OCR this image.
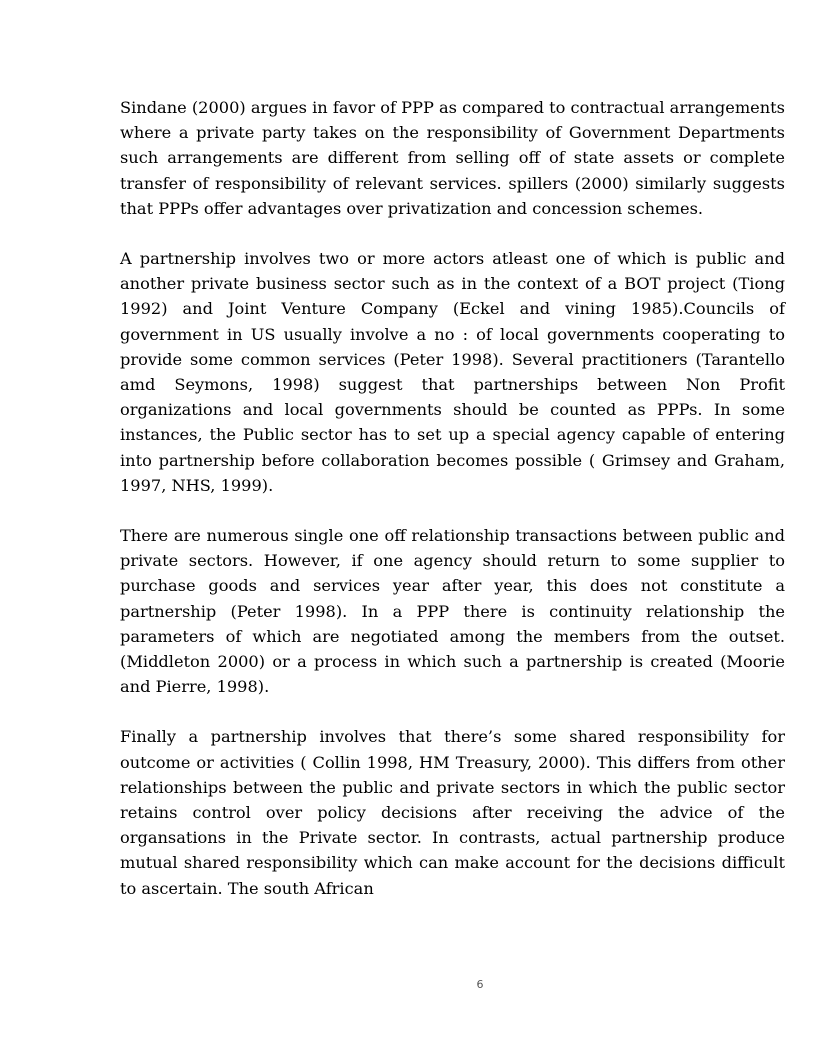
Sindane (2000) argues in favor of PPP as compared to contractual arrangements where a private party takes on the responsibility of Government Departments such arrangements are different from selling off of state assets or complete transfer of responsibility of relevant services. spillers (2000) similarly suggests that PPPs offer advantages over privatization and concession schemes.

A partnership involves two or more actors atleast one of which is public and another private business sector such as in the context of a BOT project (Tiong 1992) and Joint Venture Company (Eckel and vining 1985).Councils of government in US usually involve a no : of local governments cooperating to provide some common services (Peter 1998). Several practitioners (Tarantello amd Seymons, 1998) suggest that partnerships between Non Profit organizations and local governments should be counted as PPPs. In some instances, the Public sector has to set up a special agency capable of entering into partnership before collaboration becomes possible ( Grimsey and Graham, 1997, NHS, 1999).

There are numerous single one off relationship transactions between public and private sectors. However, if one agency should return to some supplier to purchase goods and services year after year, this does not constitute a partnership (Peter 1998). In a PPP there is continuity relationship the parameters of which are negotiated among the members from the outset.(Middleton 2000) or a process in which such a partnership is created (Moorie and Pierre, 1998).

Finally a partnership involves that there’s some shared responsibility for outcome or activities ( Collin 1998, HM Treasury, 2000). This differs from other relationships between the public and private sectors in which the public sector retains control over policy decisions after receiving the advice of the organsations in the Private sector. In contrasts, actual partnership produce mutual shared responsibility which can make account for the decisions difficult to ascertain. The south African

6
